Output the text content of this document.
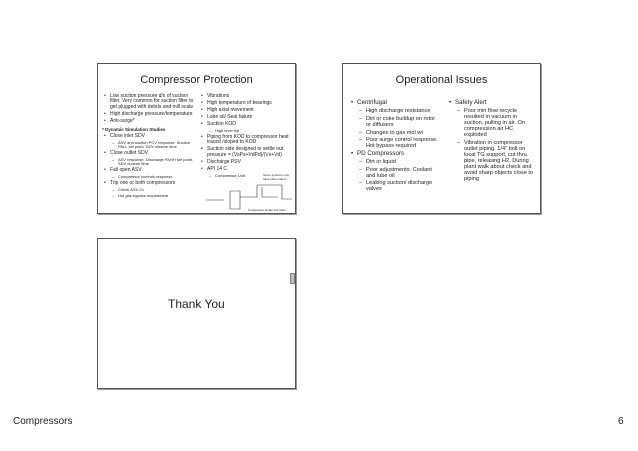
Compressor Protection
• Low suction pressure d/s of suction filter. Very common for suction filter to get plugged with debris and mill scale
• High discharge pressure/temperature
• Anti-surge*
* Dynamic Simulation Studies
• Close inlet SDV
– ASV and suction PCV response. Suction PALL set point. SDV closure time
• Close outlet SDV
– ASV response. Discharge PAHH set point. SDV closure time
• Fail open ASV
– Compressor controls response
• Trip one or both compressors
– Check ASV Cv
– Hot gas bypass requirement
• Vibrations
• High temperature of bearings
• High axial movement
• Lube oil/ Seal failure
• Suction KOD
– High level trip
• Piping from KOD to compressor heat traced /sloped to KOD
• Suction side designed to settle out pressure = (VsPs+VdPd)/(Vs+Vd)
• Discharge PSV
• API 14 C
– Compressor Unit	Some systems may have inlet coolers
Compressor Settle Out Calc
Operational Issues
• Centrifugal
– High discharge resistance
– Dirt or coke buildup on rotor or diffusers
– Changes to gas mol wt
– Poor surge control response. Hot bypass required
• PD Compressors
– Dirt or liquid
– Poor adjustments. Coolant and lube oil
– Leaking suction/ discharge valves
• Safety Alert
– Poor min flow recycle resulted in vacuum in suction, pulling in air. On compression air HC exploded
– Vibration in compressor outlet piping. 1/4" bolt on local TG support, cut thru pipe, releasing H2. During plant walk about check and avoid sharp objects close to piping
Thank You
Compressors	6
